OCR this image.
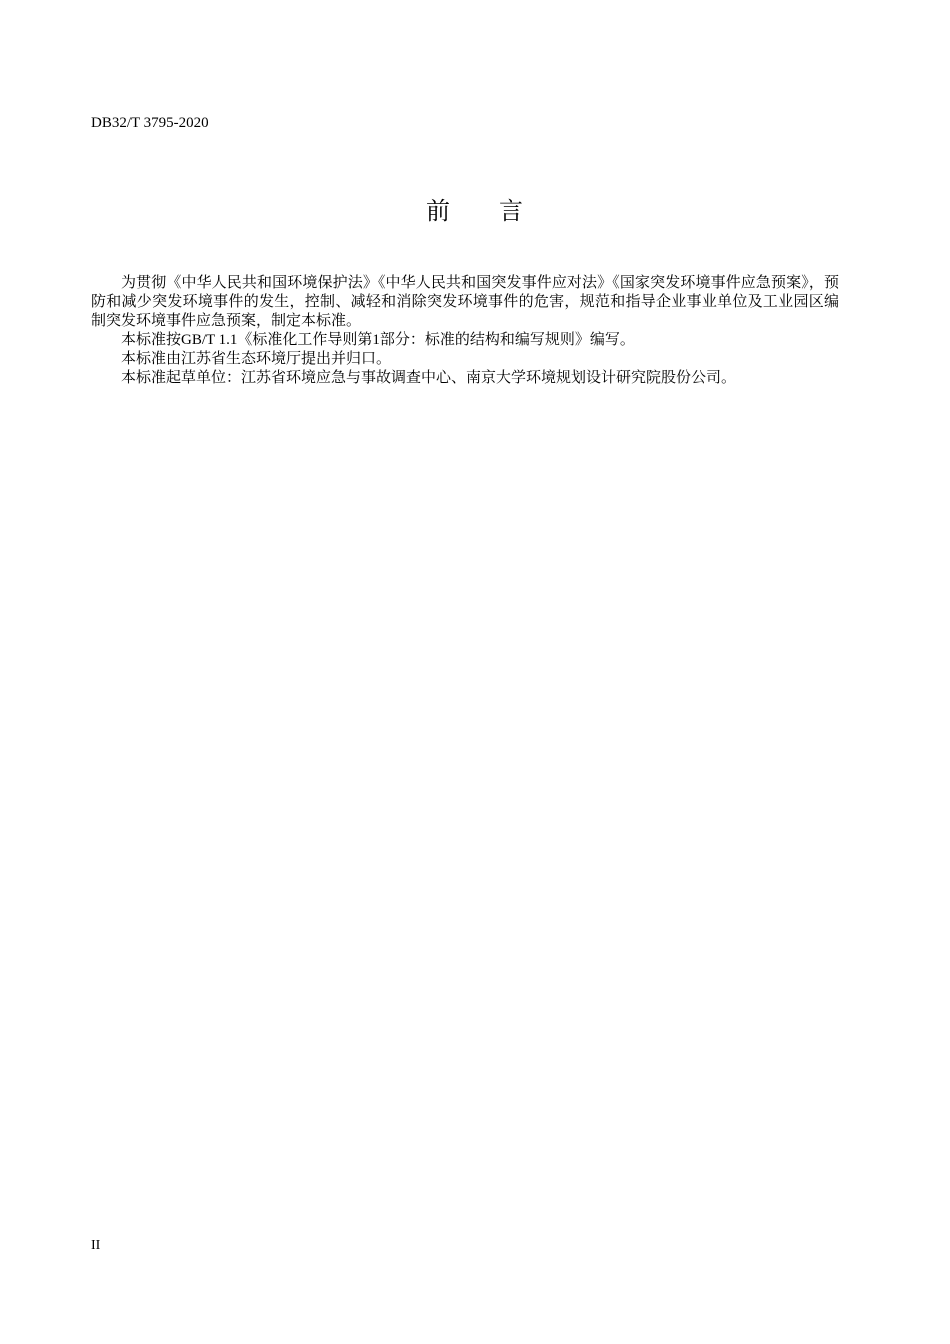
DB32/T 3795-2020
前 言

为贯彻《中华人民共和国环境保护法》《中华人民共和国突发事件应对法》《国家突发环境事件应急预案》，预防和减少突发环境事件的发生，控制、减轻和消除突发环境事件的危害，规范和指导企业事业单位及工业园区编制突发环境事件应急预案，制定本标准。

本标准按GB/T 1.1《标准化工作导则第1部分：标准的结构和编写规则》编写。

本标准由江苏省生态环境厅提出并归口。

本标准起草单位：江苏省环境应急与事故调查中心、南京大学环境规划设计研究院股份公司。

II
